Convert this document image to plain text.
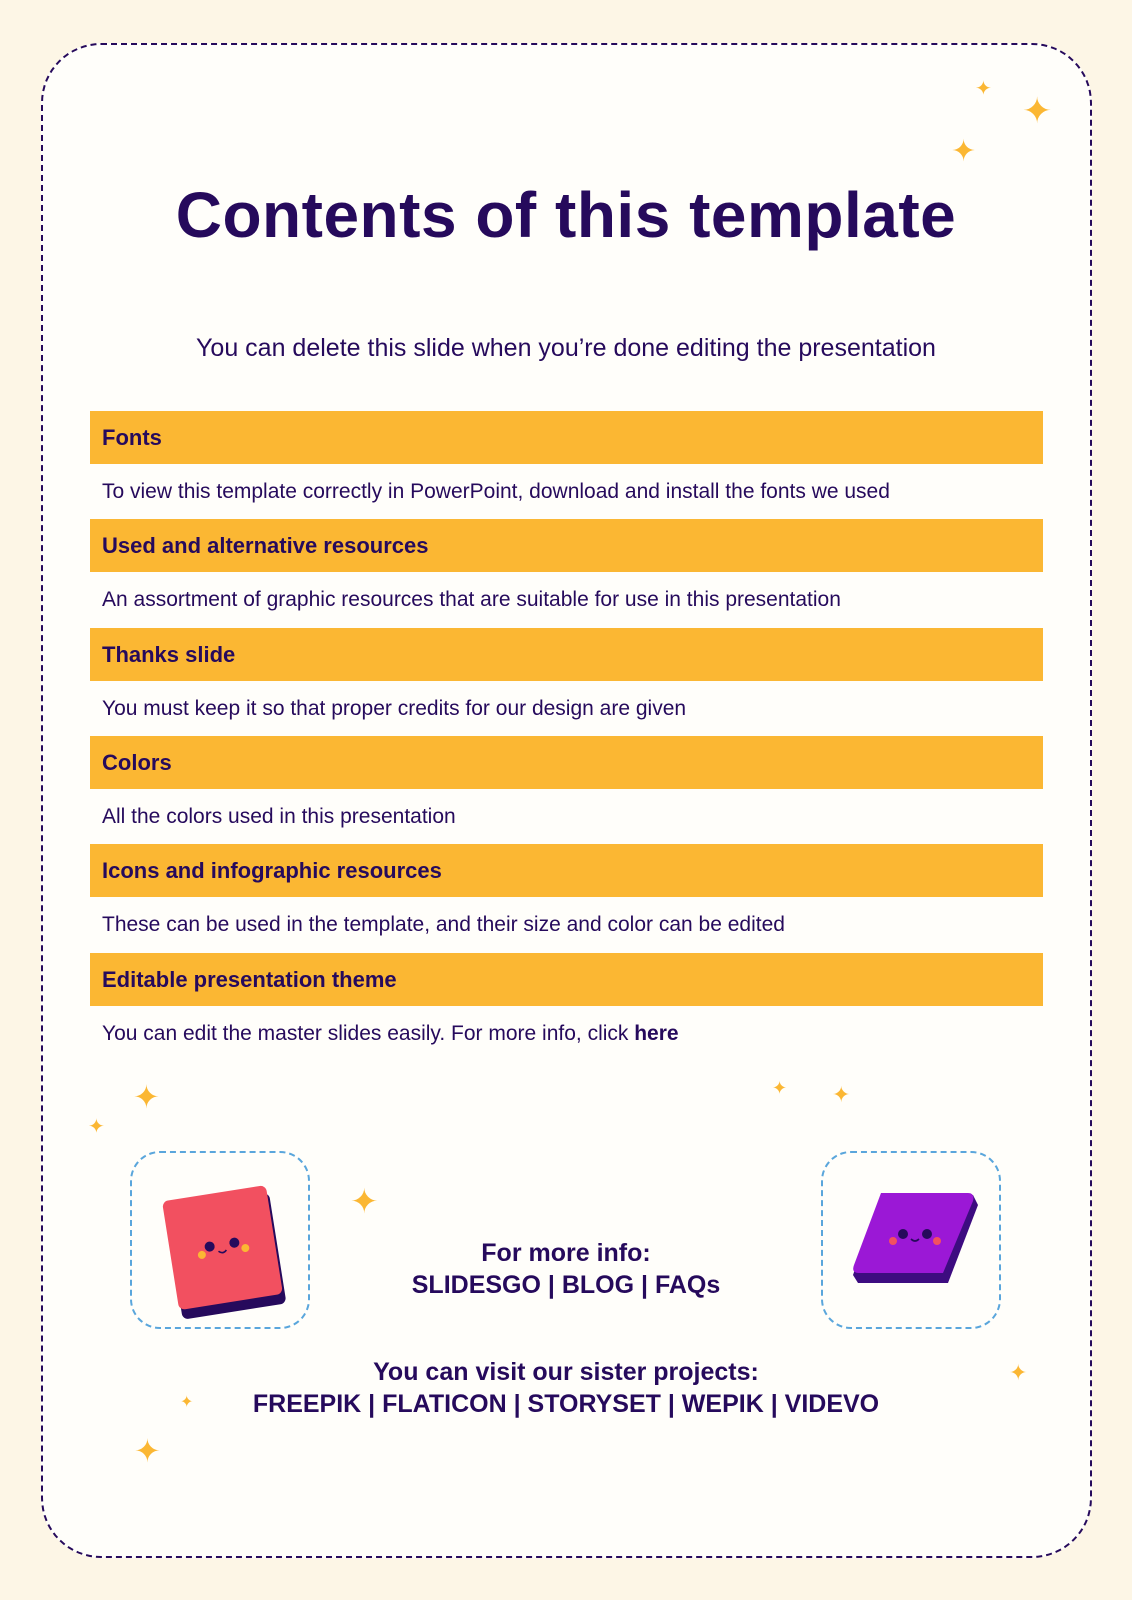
✦
✦
✦
✦
✦
✦
✦ ✦
✦
✦
✦
Contents of this template
You can delete this slide when you’re done editing the presentation
Fonts
To view this template correctly in PowerPoint, download and install the fonts we used
Used and alternative resources
An assortment of graphic resources that are suitable for use in this presentation
Thanks slide
You must keep it so that proper credits for our design are given
Colors
All the colors used in this presentation
Icons and infographic resources
These can be used in the template, and their size and color can be edited
Editable presentation theme
You can edit the master slides easily. For more info, click here
For more info:
SLIDESGO | BLOG | FAQs
You can visit our sister projects:
FREEPIK | FLATICON | STORYSET | WEPIK | VIDEVO
